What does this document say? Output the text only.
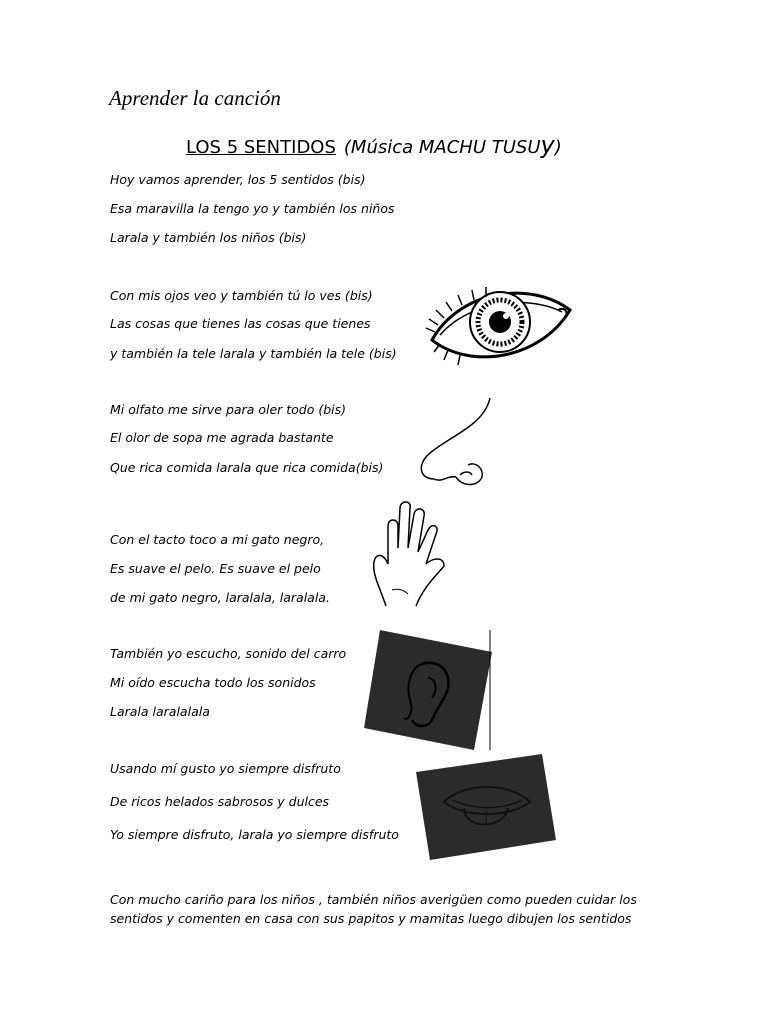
Aprender la canción
LOS 5 SENTIDOS (Música MACHU TUSUy)
Hoy vamos aprender, los 5 sentidos (bis)
Esa maravilla la tengo yo y también los niños
Larala y también los niños (bis)
Con mis ojos veo y también tú lo ves (bis)
Las cosas que tienes las cosas que tienes
y también la tele larala y también la tele (bis)
Mi olfato me sirve para oler todo (bis)
El olor de sopa me agrada bastante
Que rica comida larala que rica comida(bis)
Con el tacto toco a mi gato negro,
Es suave el pelo. Es suave el pelo
de mi gato negro, laralala, laralala.
También yo escucho, sonido del carro
Mi oído escucha todo los sonidos
Larala laralalala
Usando mí gusto yo siempre disfruto
De ricos helados sabrosos y dulces
Yo siempre disfruto, larala yo siempre disfruto
Con mucho cariño para los niños , también niños averigüen como pueden cuidar los sentidos y comenten en casa con sus papitos y mamitas luego dibujen los sentidos
